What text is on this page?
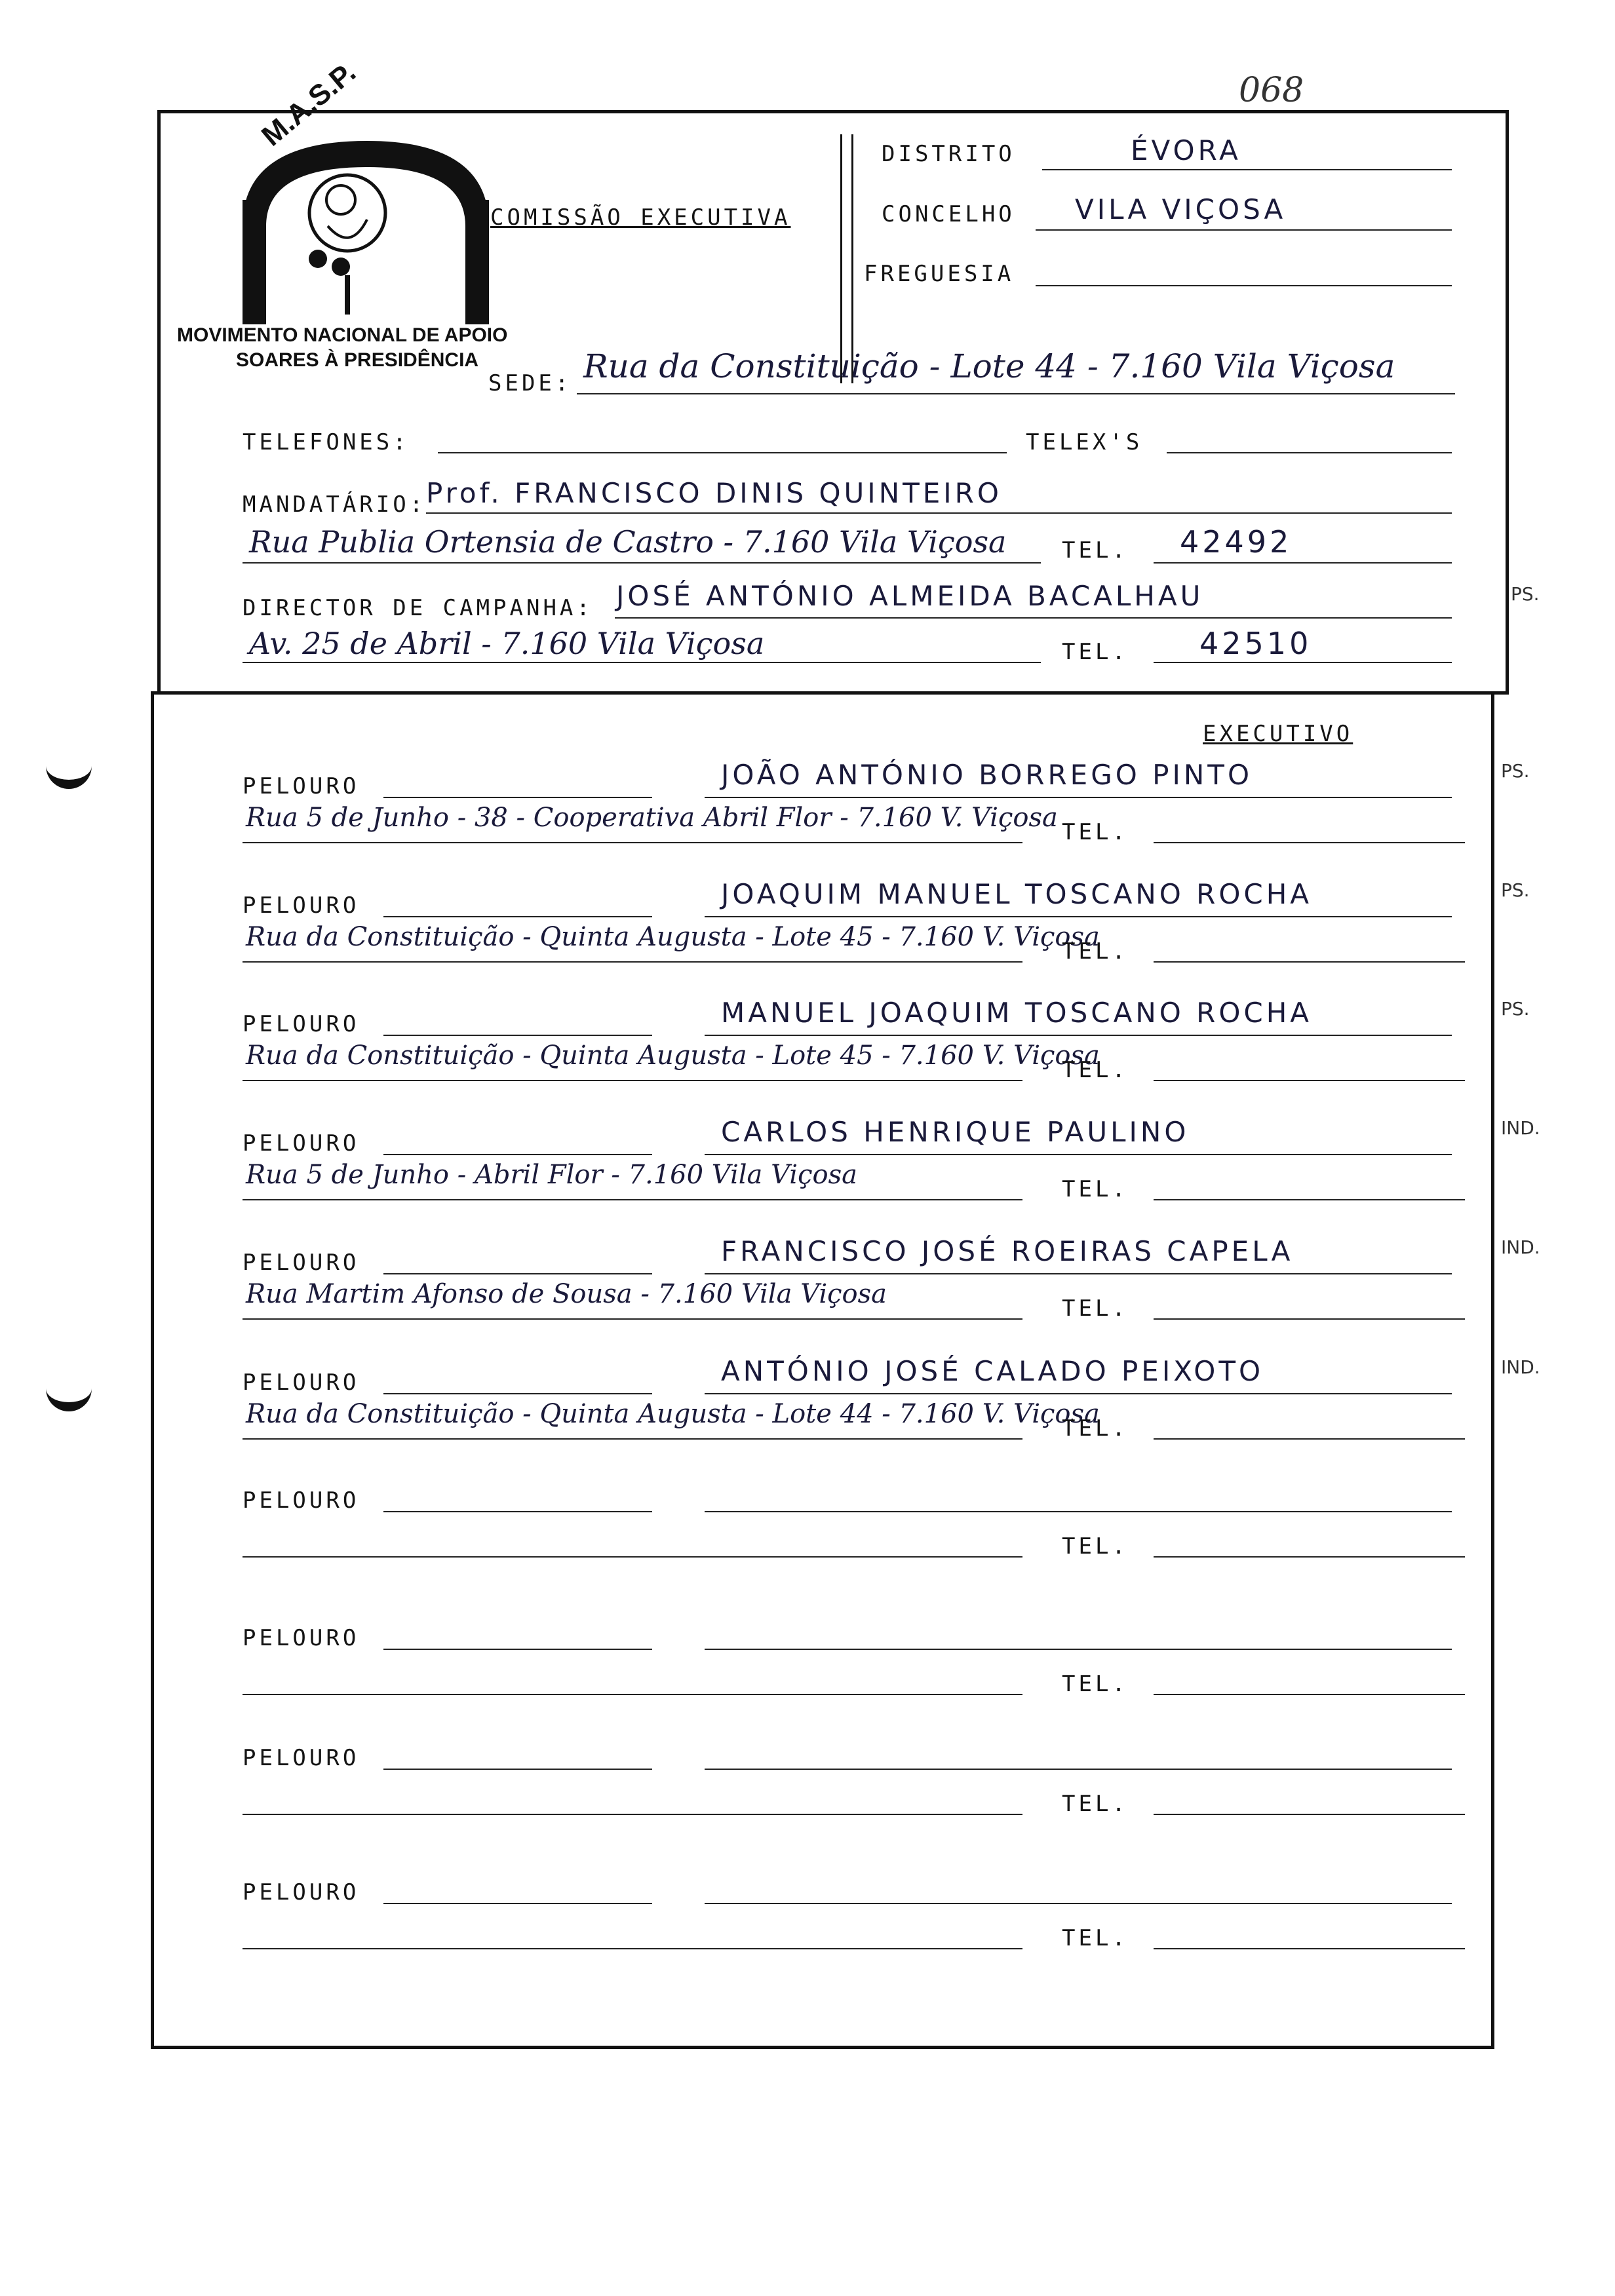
068
M.A.S.P.
MOVIMENTO NACIONAL DE APOIO
SOARES À PRESIDÊNCIA
COMISSÃO EXECUTIVA
DISTRITO	ÉVORA
CONCELHO VILA VIÇOSA
FREGUESIA
SEDE: Rua da Constituição - Lote 44 - 7.160 Vila Viçosa
TELEFONES:	TELEX'S
MANDATÁRIO: Prof. FRANCISCO DINIS QUINTEIRO
Rua Publia Ortensia de Castro - 7.160 Vila Viçosa TEL. 42492
DIRECTOR DE CAMPANHA: JOSÉ ANTÓNIO ALMEIDA BACALHAU	PS.
Av. 25 de Abril - 7.160 Vila Viçosa	TEL. 42510
EXECUTIVO
PELOURO	JOÃO ANTÓNIO BORREGO PINTO	PS.
Rua 5 de Junho - 38 - Cooperativa Abril Flor - 7.160 V. Viçosa TEL.
PELOURO	JOAQUIM MANUEL TOSCANO ROCHA	PS.
Rua da Constituição - Quinta Augusta - Lote 45 - 7.160 V. Viçosa
TEL.
PELOURO	MANUEL JOAQUIM TOSCANO ROCHA	PS.
Rua da Constituição - Quinta Augusta - Lote 45 - 7.160 V. Viçosa
TEL.
PELOURO	CARLOS HENRIQUE PAULINO	IND.
Rua 5 de Junho - Abril Flor - 7.160 Vila Viçosa	TEL.
PELOURO	FRANCISCO JOSÉ ROEIRAS CAPELA	IND.
Rua Martim Afonso de Sousa - 7.160 Vila Viçosa	TEL.
PELOURO	ANTÓNIO JOSÉ CALADO PEIXOTO	IND.
Rua da Constituição - Quinta Augusta - Lote 44 - 7.160 V. Viçosa
TEL.
PELOURO
TEL.
PELOURO
TEL.
PELOURO
TEL.
PELOURO
TEL.
